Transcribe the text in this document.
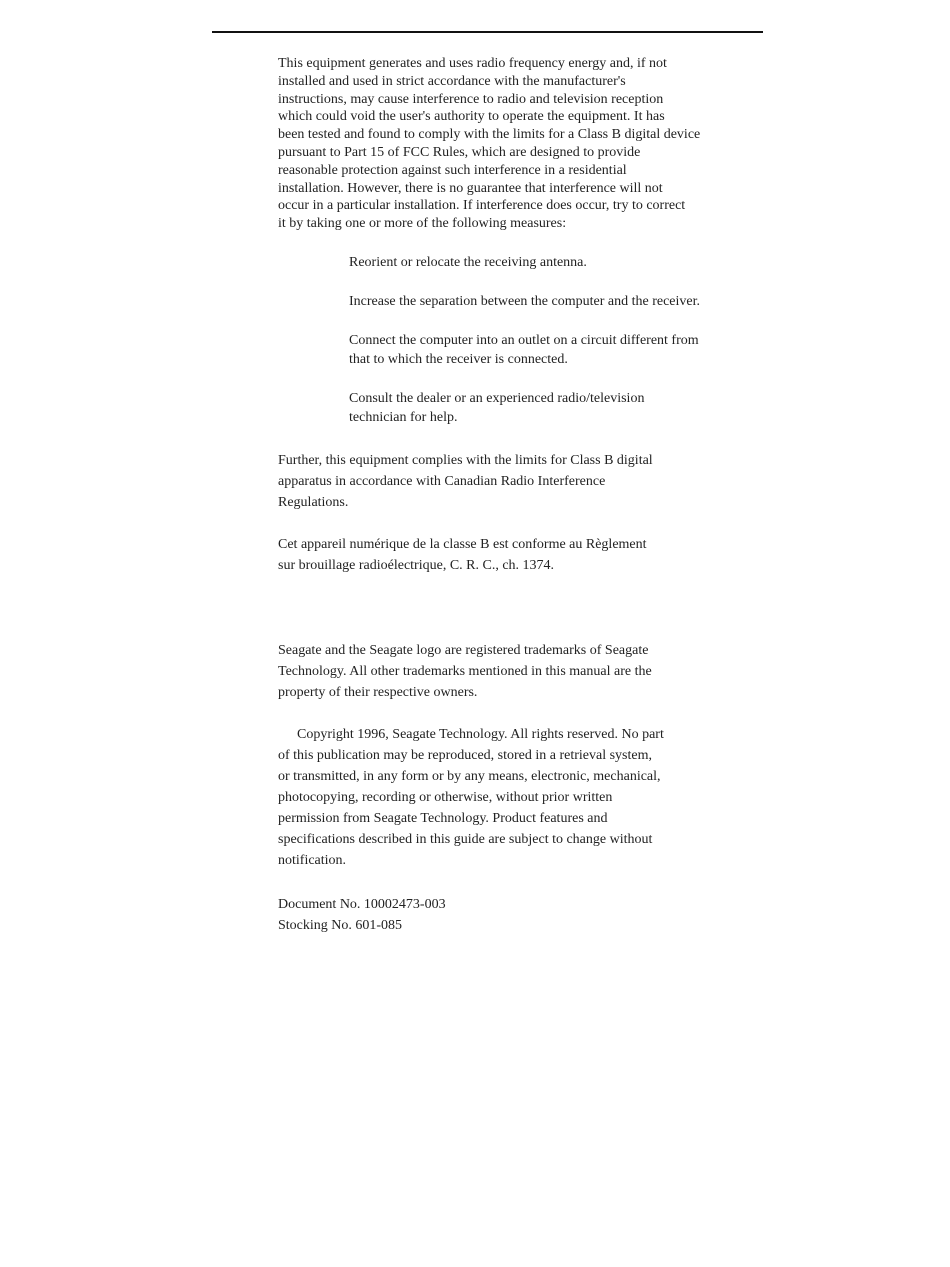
This equipment generates and uses radio frequency energy and, if not
installed and used in strict accordance with the manufacturer's
instructions, may cause interference to radio and television reception
which could void the user's authority to operate the equipment. It has
been tested and found to comply with the limits for a Class B digital device
pursuant to Part 15 of FCC Rules, which are designed to provide
reasonable protection against such interference in a residential
installation. However, there is no guarantee that interference will not
occur in a particular installation. If interference does occur, try to correct
it by taking one or more of the following measures:
Reorient or relocate the receiving antenna.
Increase the separation between the computer and the receiver.
Connect the computer into an outlet on a circuit different from
that to which the receiver is connected.
Consult the dealer or an experienced radio/television
technician for help.
Further, this equipment complies with the limits for Class B digital
apparatus in accordance with Canadian Radio Interference
Regulations.
Cet appareil numérique de la classe B est conforme au Règlement
sur brouillage radioélectrique, C. R. C., ch. 1374.
Seagate and the Seagate logo are registered trademarks of Seagate
Technology. All other trademarks mentioned in this manual are the
property of their respective owners.
Copyright 1996, Seagate Technology. All rights reserved. No part
of this publication may be reproduced, stored in a retrieval system,
or transmitted, in any form or by any means, electronic, mechanical,
photocopying, recording or otherwise, without prior written
permission from Seagate Technology. Product features and
specifications described in this guide are subject to change without
notification.
Document No. 10002473-003
Stocking No. 601-085
